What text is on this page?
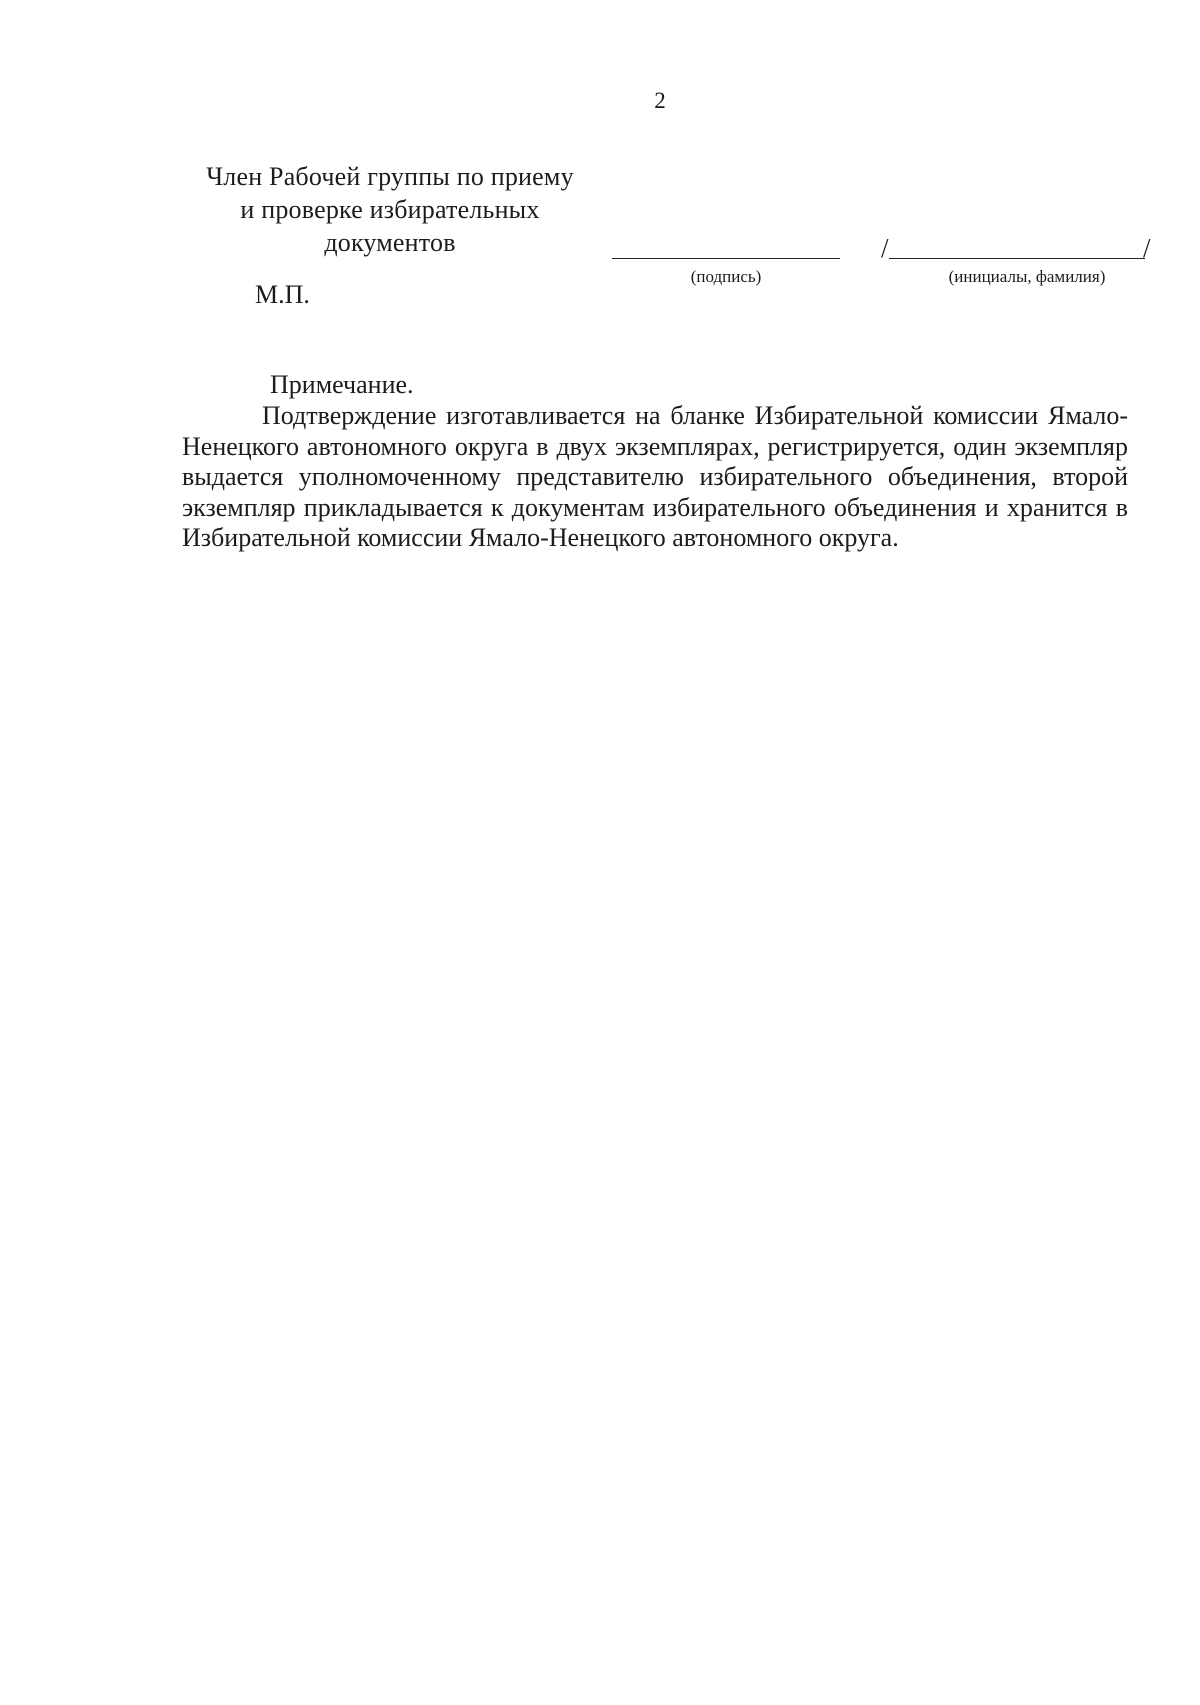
2
Член Рабочей группы по приему и проверке избирательных документов
(подпись)
/	/
(инициалы, фамилия)
М.П.
Примечание.

Подтверждение изготавливается на бланке Избирательной комиссии Ямало-Ненецкого автономного округа в двух экземплярах, регистрируется, один экземпляр выдается уполномоченному представителю избирательного объединения, второй экземпляр прикладывается к документам избирательного объединения и хранится в Избирательной комиссии Ямало-Ненецкого автономного округа.
